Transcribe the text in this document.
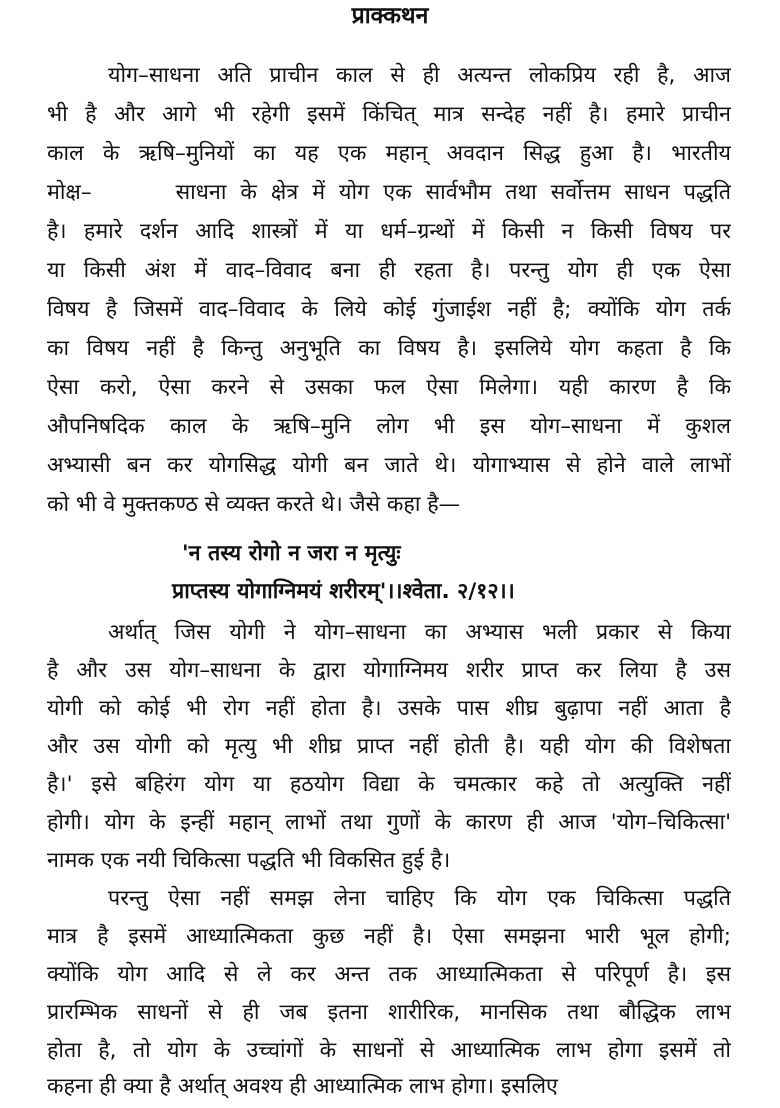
प्राक्कथन
योग–साधना अति प्राचीन काल से ही अत्यन्त लोकप्रिय रही है, आज
भी है और आगे भी रहेगी इसमें किंचित् मात्र सन्देह नहीं है। हमारे प्राचीन
काल के ऋषि–मुनियों का यह एक महान् अवदान सिद्ध हुआ है। भारतीय
मोक्ष–      साधना के क्षेत्र में योग एक सार्वभौम तथा सर्वोत्तम साधन पद्धति
है। हमारे दर्शन आदि शास्त्रों में या धर्म–ग्रन्थों में किसी न किसी विषय पर
या किसी अंश में वाद–विवाद बना ही रहता है। परन्तु योग ही एक ऐसा
विषय है जिसमें वाद–विवाद के लिये कोई गुंजाईश नहीं है; क्योंकि योग तर्क
का विषय नहीं है किन्तु अनुभूति का विषय है। इसलिये योग कहता है कि
ऐसा करो, ऐसा करने से उसका फल ऐसा मिलेगा। यही कारण है कि
औपनिषदिक काल के ऋषि–मुनि लोग भी इस योग–साधना में कुशल
अभ्यासी बन कर योगसिद्ध योगी बन जाते थे। योगाभ्यास से होने वाले लाभों
को भी वे मुक्तकण्ठ से व्यक्त करते थे। जैसे कहा है—
'न तस्य रोगो न जरा न मृत्युः
प्राप्तस्य योगाग्निमयं शरीरम्'।।श्वेता. २/१२।।
अर्थात् जिस योगी ने योग–साधना का अभ्यास भली प्रकार से किया
है और उस योग–साधना के द्वारा योगाग्निमय शरीर प्राप्त कर लिया है उस
योगी को कोई भी रोग नहीं होता है। उसके पास शीघ्र बुढ़ापा नहीं आता है
और उस योगी को मृत्यु भी शीघ्र प्राप्त नहीं होती है। यही योग की विशेषता
है।' इसे बहिरंग योग या हठयोग विद्या के चमत्कार कहे तो अत्युक्ति नहीं
होगी। योग के इन्हीं महान् लाभों तथा गुणों के कारण ही आज 'योग–चिकित्सा'
नामक एक नयी चिकित्सा पद्धति भी विकसित हुई है।
परन्तु ऐसा नहीं समझ लेना चाहिए कि योग एक चिकित्सा पद्धति
मात्र है इसमें आध्यात्मिकता कुछ नहीं है। ऐसा समझना भारी भूल होगी;
क्योंकि योग आदि से ले कर अन्त तक आध्यात्मिकता से परिपूर्ण है। इस
प्रारम्भिक साधनों से ही जब इतना शारीरिक, मानसिक तथा बौद्धिक लाभ
होता है, तो योग के उच्चांगों के साधनों से आध्यात्मिक लाभ होगा इसमें तो
कहना ही क्या है अर्थात् अवश्य ही आध्यात्मिक लाभ होगा। इसलिए
